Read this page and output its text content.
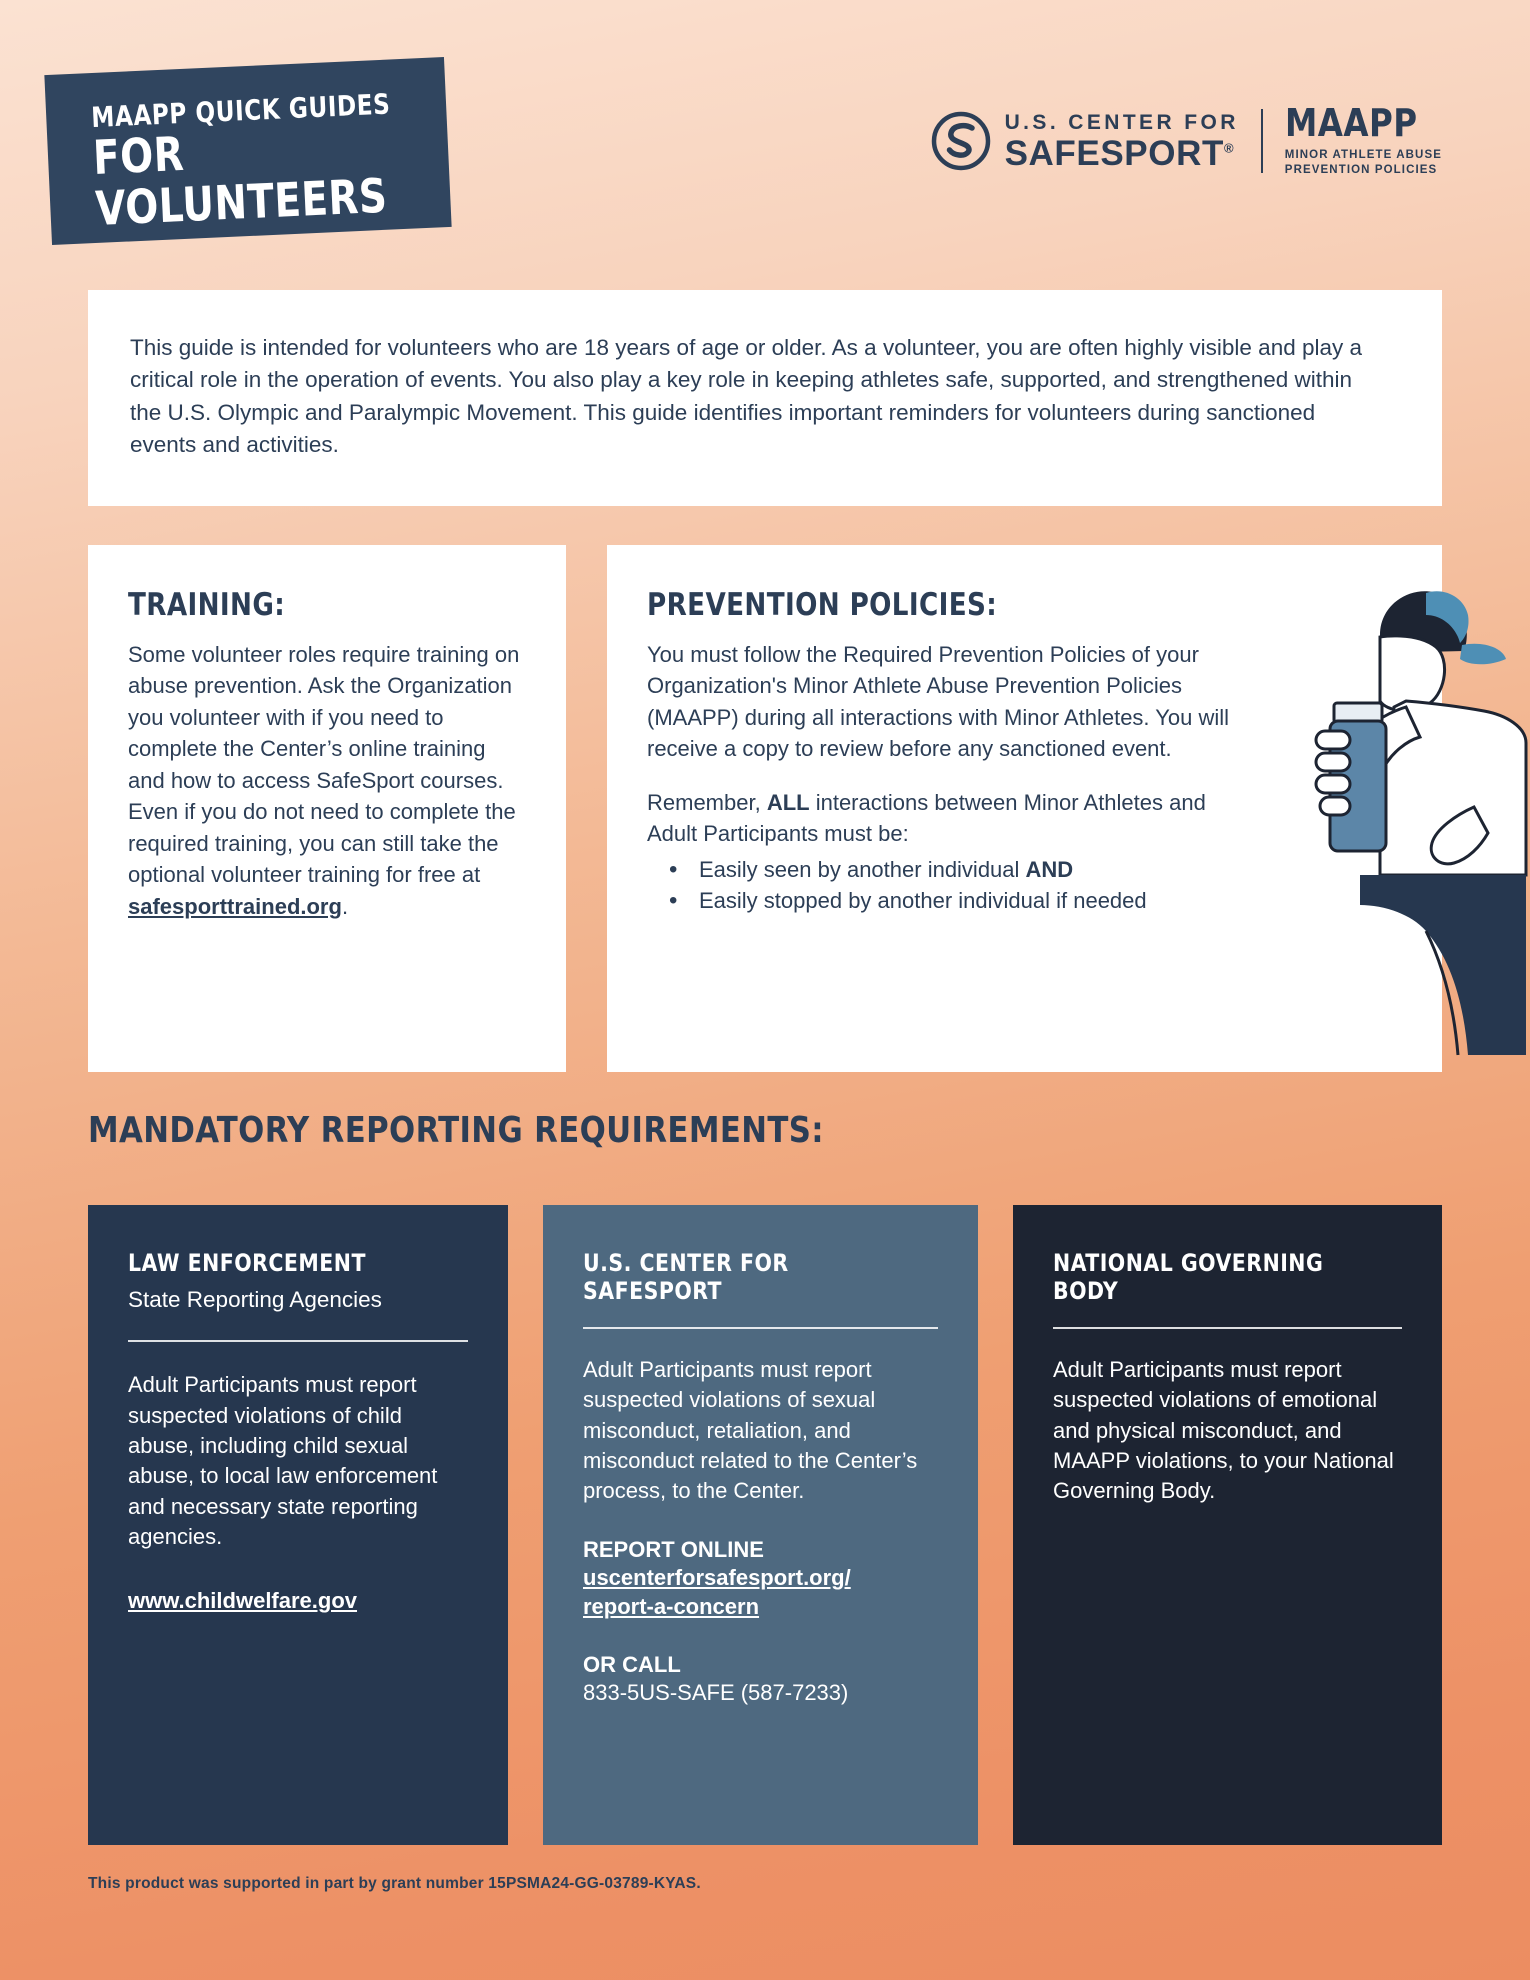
MAAPP QUICK GUIDES
FOR VOLUNTEERS
U.S. CENTER FOR
SAFESPORT®
MAAPP
MINOR ATHLETE ABUSE
PREVENTION POLICIES

This guide is intended for volunteers who are 18 years of age or older. As a volunteer, you are often highly visible and play a critical role in the operation of events. You also play a key role in keeping athletes safe, supported, and strengthened within the U.S. Olympic and Paralympic Movement. This guide identifies important reminders for volunteers during sanctioned events and activities.

TRAINING:

Some volunteer roles require training on abuse prevention. Ask the Organization you volunteer with if you need to complete the Center’s online training and how to access SafeSport courses. Even if you do not need to complete the required training, you can still take the optional volunteer training for free at safesporttrained.org.

PREVENTION POLICIES:

You must follow the Required Prevention Policies of your Organization's Minor Athlete Abuse Prevention Policies (MAAPP) during all interactions with Minor Athletes. You will receive a copy to review before any sanctioned event.

Remember, ALL interactions between Minor Athletes and Adult Participants must be:

• Easily seen by another individual AND
• Easily stopped by another individual if needed
MANDATORY REPORTING REQUIREMENTS:
LAW ENFORCEMENT
State Reporting Agencies

Adult Participants must report suspected violations of child abuse, including child sexual abuse, to local law enforcement and necessary state reporting agencies.

www.childwelfare.gov
U.S. CENTER FOR SAFESPORT

Adult Participants must report suspected violations of sexual misconduct, retaliation, and misconduct related to the Center’s process, to the Center.

REPORT ONLINE
uscenterforsafesport.org/
report-a-concern
OR CALL

833-5US-SAFE (587-7233)

NATIONAL GOVERNING BODY

Adult Participants must report suspected violations of emotional and physical misconduct, and MAAPP violations, to your National Governing Body.

This product was supported in part by grant number 15PSMA24-GG-03789-KYAS.
